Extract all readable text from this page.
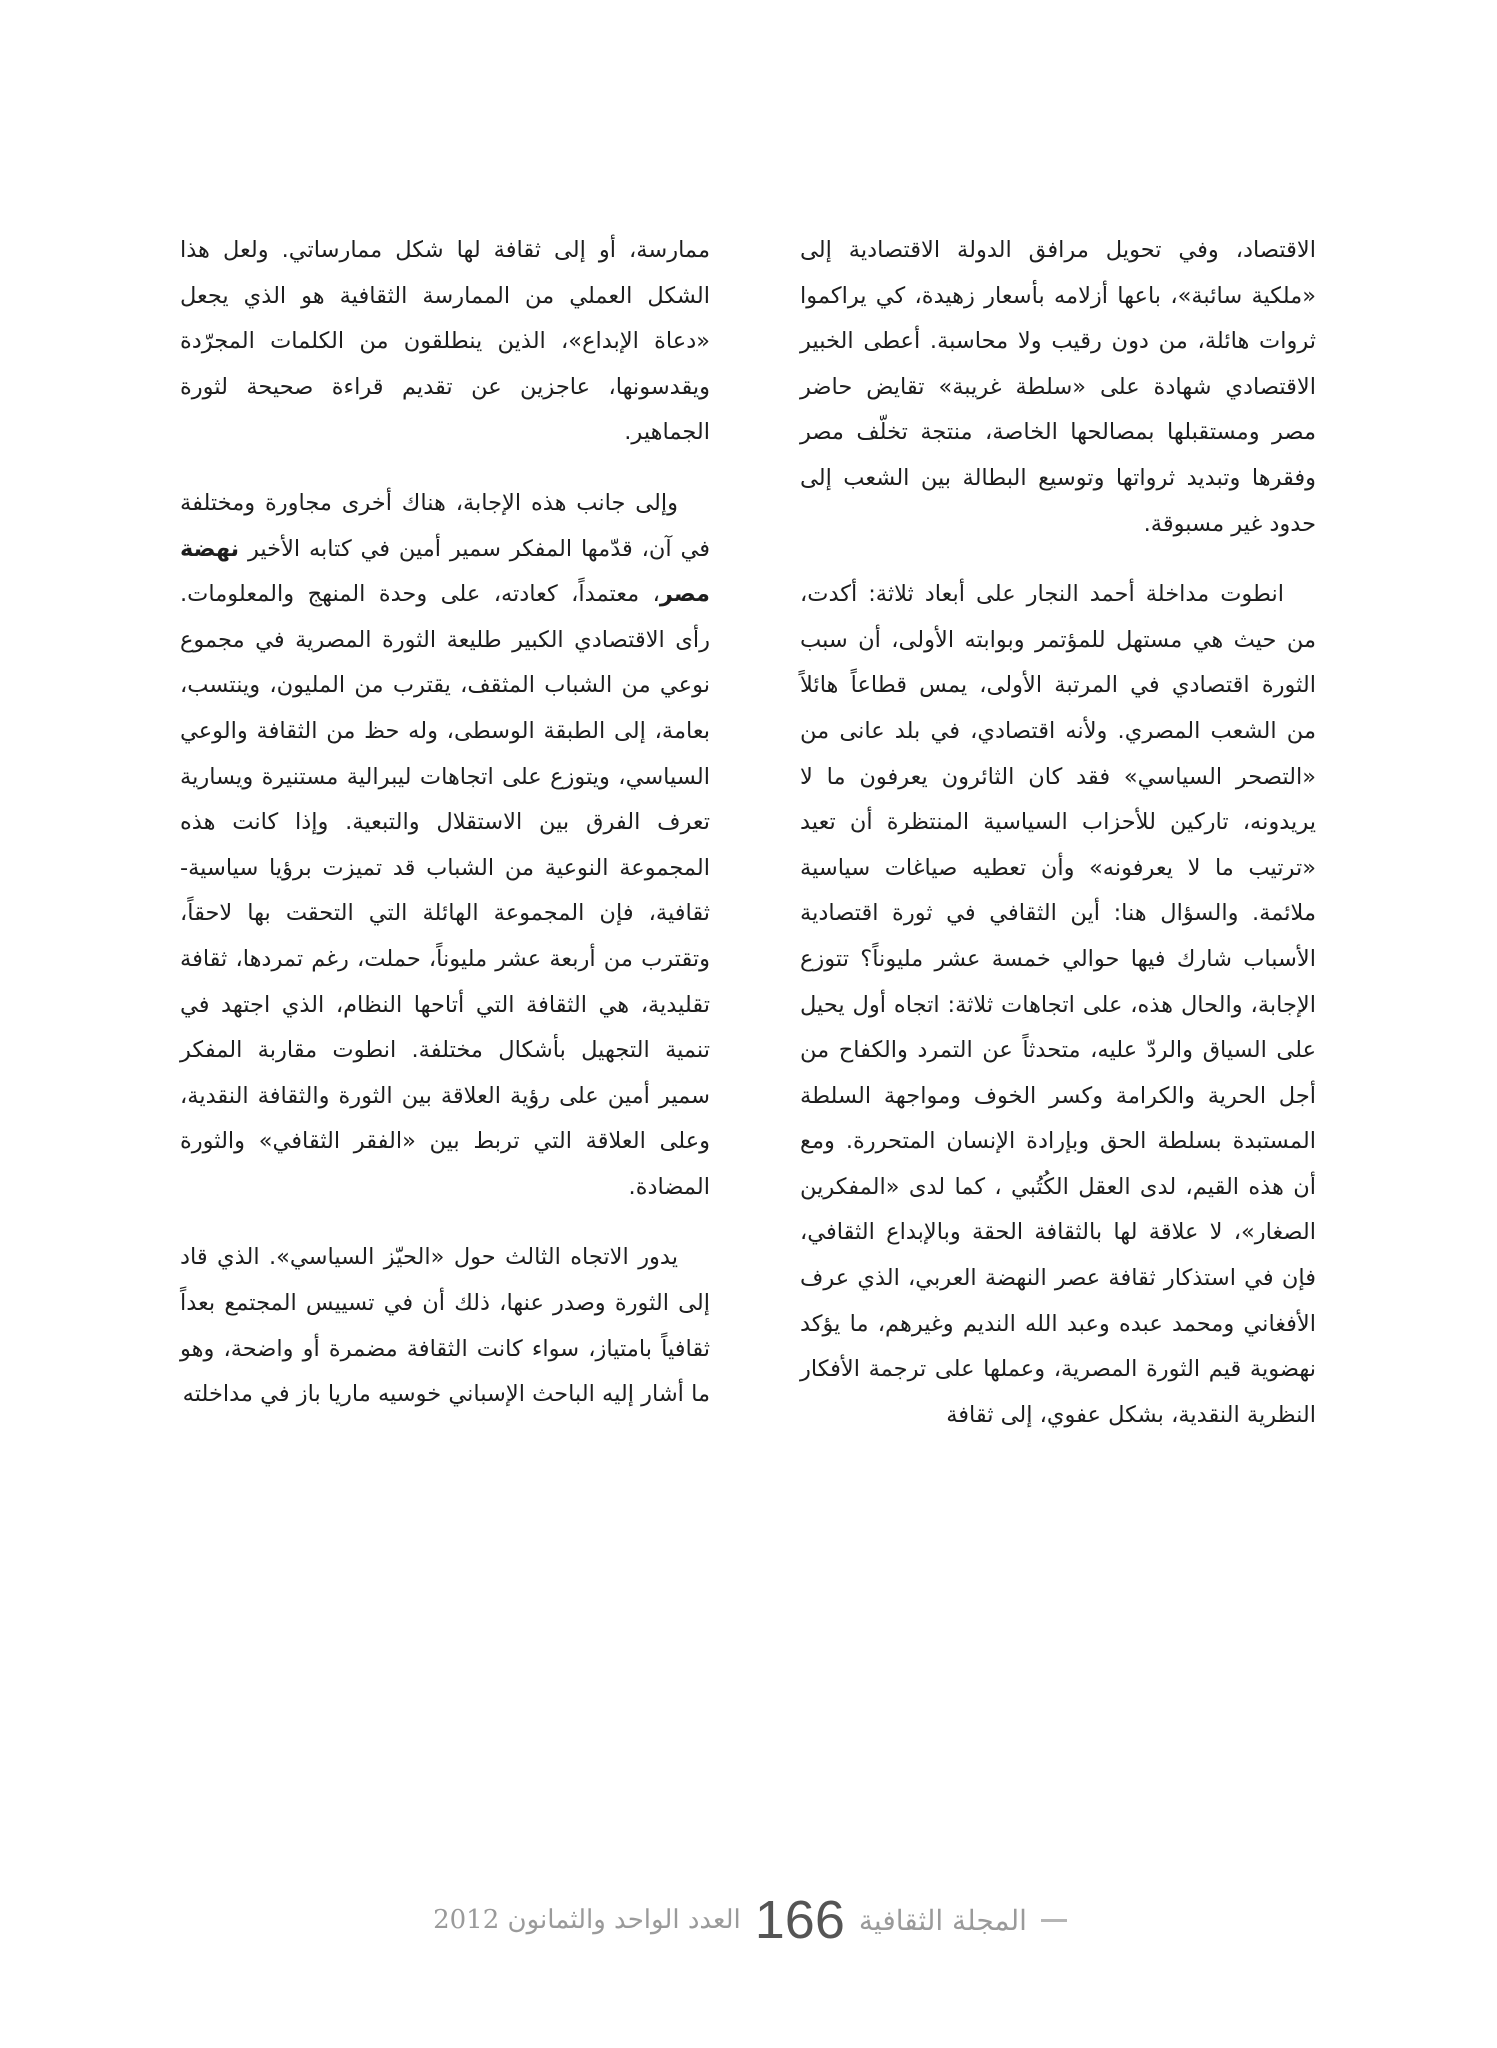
الاقتصاد، وفي تحويل مرافق الدولة الاقتصادية إلى «ملكية سائبة»، باعها أزلامه بأسعار زهيدة، كي يراكموا ثروات هائلة، من دون رقيب ولا محاسبة. أعطى الخبير الاقتصادي شهادة على «سلطة غريبة» تقايض حاضر مصر ومستقبلها بمصالحها الخاصة، منتجة تخلّف مصر وفقرها وتبديد ثرواتها وتوسيع البطالة بين الشعب إلى حدود غير مسبوقة.

انطوت مداخلة أحمد النجار على أبعاد ثلاثة: أكدت، من حيث هي مستهل للمؤتمر وبوابته الأولى، أن سبب الثورة اقتصادي في المرتبة الأولى، يمس قطاعاً هائلاً من الشعب المصري. ولأنه اقتصادي، في بلد عانى من «التصحر السياسي» فقد كان الثائرون يعرفون ما لا يريدونه، تاركين للأحزاب السياسية المنتظرة أن تعيد «ترتيب ما لا يعرفونه» وأن تعطيه صياغات سياسية ملائمة. والسؤال هنا: أين الثقافي في ثورة اقتصادية الأسباب شارك فيها حوالي خمسة عشر مليوناً؟ تتوزع الإجابة، والحال هذه، على اتجاهات ثلاثة: اتجاه أول يحيل على السياق والردّ عليه، متحدثاً عن التمرد والكفاح من أجل الحرية والكرامة وكسر الخوف ومواجهة السلطة المستبدة بسلطة الحق وبإرادة الإنسان المتحررة. ومع أن هذه القيم، لدى العقل الكُتُبي ، كما لدى «المفكرين الصغار»، لا علاقة لها بالثقافة الحقة وبالإبداع الثقافي، فإن في استذكار ثقافة عصر النهضة العربي، الذي عرف الأفغاني ومحمد عبده وعبد الله النديم وغيرهم، ما يؤكد نهضوية قيم الثورة المصرية، وعملها على ترجمة الأفكار النظرية النقدية، بشكل عفوي، إلى ثقافة

ممارسة، أو إلى ثقافة لها شكل ممارساتي. ولعل هذا الشكل العملي من الممارسة الثقافية هو الذي يجعل «دعاة الإبداع»، الذين ينطلقون من الكلمات المجرّدة ويقدسونها، عاجزين عن تقديم قراءة صحيحة لثورة الجماهير.

وإلى جانب هذه الإجابة، هناك أخرى مجاورة ومختلفة في آن، قدّمها المفكر سمير أمين في كتابه الأخير نهضة مصر، معتمداً، كعادته، على وحدة المنهج والمعلومات. رأى الاقتصادي الكبير طليعة الثورة المصرية في مجموع نوعي من الشباب المثقف، يقترب من المليون، وينتسب، بعامة، إلى الطبقة الوسطى، وله حظ من الثقافة والوعي السياسي، ويتوزع على اتجاهات ليبرالية مستنيرة ويسارية تعرف الفرق بين الاستقلال والتبعية. وإذا كانت هذه المجموعة النوعية من الشباب قد تميزت برؤيا سياسية- ثقافية، فإن المجموعة الهائلة التي التحقت بها لاحقاً، وتقترب من أربعة عشر مليوناً، حملت، رغم تمردها، ثقافة تقليدية، هي الثقافة التي أتاحها النظام، الذي اجتهد في تنمية التجهيل بأشكال مختلفة. انطوت مقاربة المفكر سمير أمين على رؤية العلاقة بين الثورة والثقافة النقدية، وعلى العلاقة التي تربط بين «الفقر الثقافي» والثورة المضادة.

يدور الاتجاه الثالث حول «الحيّز السياسي». الذي قاد إلى الثورة وصدر عنها، ذلك أن في تسييس المجتمع بعداً ثقافياً بامتياز، سواء كانت الثقافة مضمرة أو واضحة، وهو ما أشار إليه الباحث الإسباني خوسيه ماريا باز في مداخلته

المجلة الثقافية
166
العدد الواحد والثمانون 2012
